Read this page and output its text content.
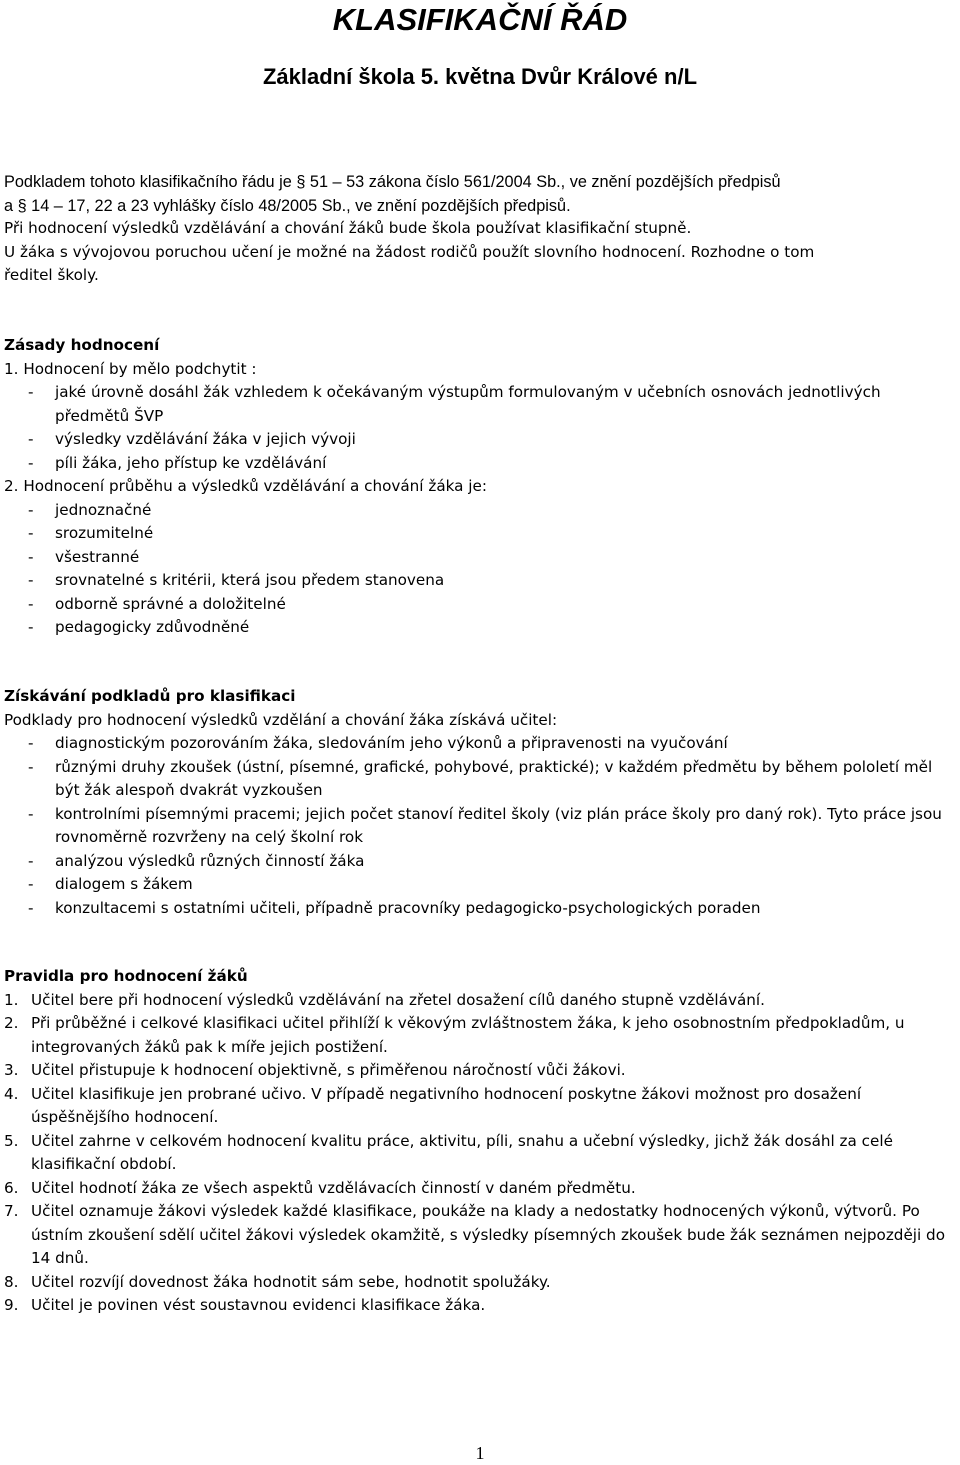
KLASIFIKAČNÍ ŘÁD
Základní škola 5. května Dvůr Králové n/L

Podkladem tohoto klasifikačního řádu je § 51 – 53 zákona číslo 561/2004 Sb., ve znění pozdějších předpisů

a § 14 – 17, 22 a 23 vyhlášky číslo 48/2005 Sb., ve znění pozdějších předpisů.

Při hodnocení výsledků vzdělávání a chování žáků bude škola používat klasifikační stupně.

U žáka s vývojovou poruchou učení je možné na žádost rodičů použít slovního hodnocení. Rozhodne o tom

ředitel školy.

Zásady hodnocení

1. Hodnocení by mělo podchytit :

-	jaké úrovně dosáhl žák vzhledem k očekávaným výstupům formulovaným v učebních osnovách jednotlivých předmětů ŠVP
-	výsledky vzdělávání žáka v jejich vývoji
-	píli žáka, jeho přístup ke vzdělávání

2. Hodnocení průběhu a výsledků vzdělávání a chování žáka je:

-	jednoznačné
-	srozumitelné
-	všestranné
-	srovnatelné s kritérii, která jsou předem stanovena
-	odborně správné a doložitelné
-	pedagogicky zdůvodněné

Získávání podkladů pro klasifikaci

Podklady pro hodnocení výsledků vzdělání a chování žáka získává učitel:

-	diagnostickým pozorováním žáka, sledováním jeho výkonů a připravenosti na vyučování
-	různými druhy zkoušek (ústní, písemné, grafické, pohybové, praktické); v každém předmětu by během pololetí měl být žák alespoň dvakrát vyzkoušen
-	kontrolními písemnými pracemi; jejich počet stanoví ředitel školy (viz plán práce školy pro daný rok). Tyto práce jsou rovnoměrně rozvrženy na celý školní rok
-	analýzou výsledků různých činností žáka
-	dialogem s žákem
-	konzultacemi s ostatními učiteli, případně pracovníky pedagogicko-psychologických poraden

Pravidla pro hodnocení žáků

1. Učitel bere při hodnocení výsledků vzdělávání na zřetel dosažení cílů daného stupně vzdělávání.
2. Při průběžné i celkové klasifikaci učitel přihlíží k věkovým zvláštnostem žáka, k jeho osobnostním předpokladům, u integrovaných žáků pak k míře jejich postižení.
3. Učitel přistupuje k hodnocení objektivně, s přiměřenou náročností vůči žákovi.
4. Učitel klasifikuje jen probrané učivo. V případě negativního hodnocení poskytne žákovi možnost pro dosažení úspěšnějšího hodnocení.
5. Učitel zahrne v celkovém hodnocení kvalitu práce, aktivitu, píli, snahu a učební výsledky, jichž žák dosáhl za celé klasifikační období.
6. Učitel hodnotí žáka ze všech aspektů vzdělávacích činností v daném předmětu.
7. Učitel oznamuje žákovi výsledek každé klasifikace, poukáže na klady a nedostatky hodnocených výkonů, výtvorů. Po ústním zkoušení sdělí učitel žákovi výsledek okamžitě, s výsledky písemných zkoušek bude žák seznámen nejpozději do 14 dnů.
8. Učitel rozvíjí dovednost žáka hodnotit sám sebe, hodnotit spolužáky.
9. Učitel je povinen vést soustavnou evidenci klasifikace žáka.
1
